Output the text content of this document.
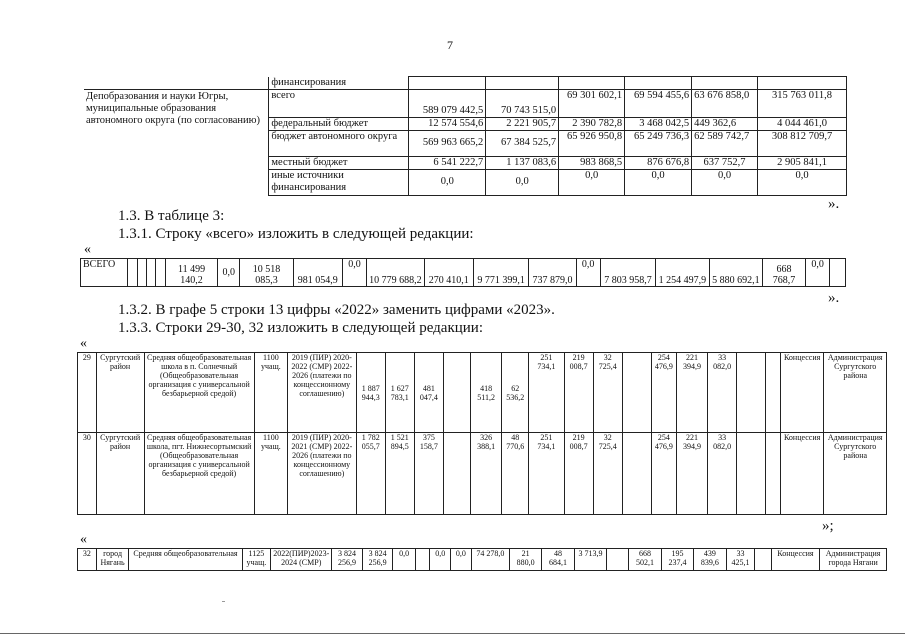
7
	финансирования						
Депобразования и науки Югры, муниципальные образования автономного округа (по согласованию)	всего	589 079 442,5	70 743 515,0	69 301 602,1	69 594 455,6	63 676 858,0	315 763 011,8
	федеральный бюджет	12 574 554,6	2 221 905,7	2 390 782,8	3 468 042,5	449 362,6	4 044 461,0
	бюджет автономного округа	569 963 665,2	67 384 525,7	65 926 950,8	65 249 736,3	62 589 742,7	308 812 709,7
	местный бюджет	6 541 222,7	1 137 083,6	983 868,5	876 676,8	637 752,7	2 905 841,1
	иные источники финансирования	0,0	0,0	0,0	0,0	0,0	0,0
».
1.3. В таблице 3:
1.3.1. Строку «всего» изложить в следующей редакции:
«
ВСЕГО					11 499 140,2	0,0	10 518 085,3	981 054,9	0,0	10 779 688,2	270 410,1	9 771 399,1	737 879,0	0,0	7 803 958,7	1 254 497,9	5 880 692,1	668 768,7	0,0	
».
1.3.2. В графе 5 строки 13 цифры «2022» заменить цифрами «2023».
1.3.3. Строки 29-30, 32 изложить в следующей редакции:
«
29	Сургутский район	Средняя общеобразовательная школа в п. Солнечный (Общеобразовательная организация с универсальной безбарьерной средой)	1100 учащ.	2019 (ПИР) 2020-2022 (СМР) 2022-2026 (платежи по концессионному соглашению)	1 887 944,3	1 627 783,1	481 047,4		418 511,2	62 536,2	251 734,1	219 008,7	32 725,4		254 476,9	221 394,9	33 082,0			Концессия	Администрация Сургутского района
30	Сургутский район	Средняя общеобразовательная школа, пгт. Нижнесортымский (Общеобразовательная организация с универсальной безбарьерной средой)	1100 учащ.	2019 (ПИР) 2020-2021 (СМР) 2022-2026 (платежи по концессионному соглашению)	1 782 055,7	1 521 894,5	375 158,7		326 388,1	48 770,6	251 734,1	219 008,7	32 725,4		254 476,9	221 394,9	33 082,0			Концессия	Администрация Сургутского района
»;
«
32	город Нягань	Средняя общеобразовательная	1125 учащ.	2022(ПИР)2023-2024 (СМР)	3 824 256,9	3 824 256,9	0,0		0,0	0,0	74 278,0	21 880,0	48 684,1	3 713,9		668 502,1	195 237,4	439 839,6	33 425,1		Концессия	Администрация города Нягани
